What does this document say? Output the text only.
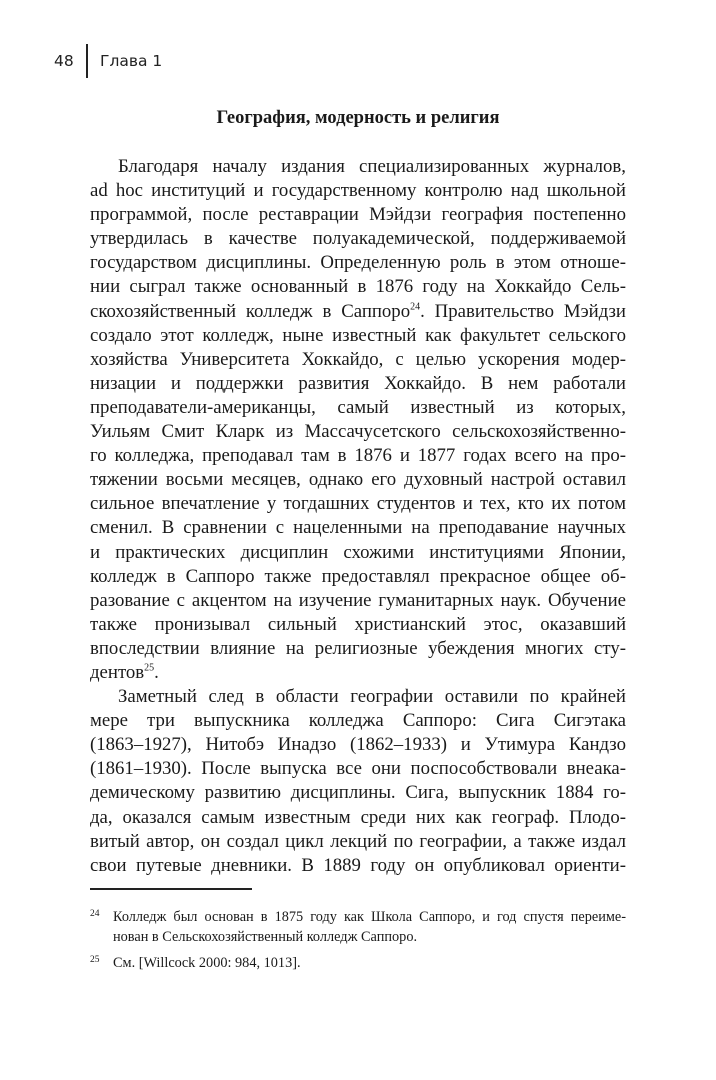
48	Глава 1
География, модерность и религия
Благодаря началу издания специализированных журналов,
ad hoc институций и государственному контролю над школьной
программой, после реставрации Мэйдзи география постепенно
утвердилась в качестве полуакадемической, поддерживаемой
государством дисциплины. Определенную роль в этом отноше-
нии сыграл также основанный в 1876 году на Хоккайдо Сель-
скохозяйственный колледж в Саппоро$^{24}$. Правительство Мэйдзи
создало этот колледж, ныне известный как факультет сельского
хозяйства Университета Хоккайдо, с целью ускорения модер-
низации и поддержки развития Хоккайдо. В нем работали
преподаватели-американцы, самый известный из которых,
Уильям Смит Кларк из Массачусетского сельскохозяйственно-
го колледжа, преподавал там в 1876 и 1877 годах всего на про-
тяжении восьми месяцев, однако его духовный настрой оставил
сильное впечатление у тогдашних студентов и тех, кто их потом
сменил. В сравнении с нацеленными на преподавание научных
и практических дисциплин схожими институциями Японии,
колледж в Саппоро также предоставлял прекрасное общее об-
разование с акцентом на изучение гуманитарных наук. Обучение
также пронизывал сильный христианский этос, оказавший
впоследствии влияние на религиозные убеждения многих сту-
дентов$^{25}$.
Заметный след в области географии оставили по крайней
мере три выпускника колледжа Саппоро: Сига Сигэтака
(1863–1927), Нитобэ Инадзо (1862–1933) и Утимура Кандзо
(1861–1930). После выпуска все они поспособствовали внеака-
демическому развитию дисциплины. Сига, выпускник 1884 го-
да, оказался самым известным среди них как географ. Плодо-
витый автор, он создал цикл лекций по географии, а также издал
свои путевые дневники. В 1889 году он опубликовал ориенти-
24 Колледж был основан в 1875 году как Школа Саппоро, и год спустя переиме-
нован в Сельскохозяйственный колледж Саппоро.
25 См. [Willcock 2000: 984, 1013].
